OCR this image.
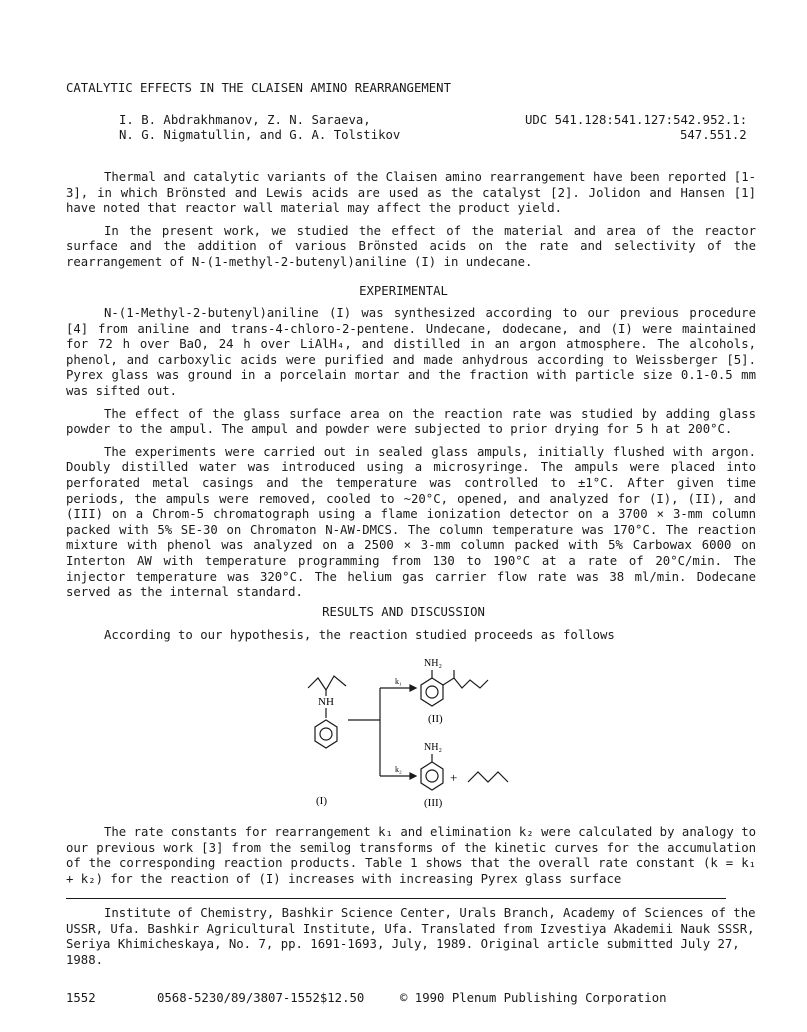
CATALYTIC EFFECTS IN THE CLAISEN AMINO REARRANGEMENT
I. B. Abdrakhmanov, Z. N. Saraeva,
N. G. Nigmatullin, and G. A. Tolstikov
UDC 541.128:541.127:542.952.1:
547.551.2

Thermal and catalytic variants of the Claisen amino rearrangement have been reported [1-3], in which Brönsted and Lewis acids are used as the catalyst [2]. Jolidon and Hansen [1] have noted that reactor wall material may affect the product yield.

In the present work, we studied the effect of the material and area of the reactor surface and the addition of various Brönsted acids on the rate and selectivity of the rearrangement of N-(1-methyl-2-butenyl)aniline (I) in undecane.

EXPERIMENTAL

N-(1-Methyl-2-butenyl)aniline (I) was synthesized according to our previous procedure [4] from aniline and trans-4-chloro-2-pentene. Undecane, dodecane, and (I) were maintained for 72 h over BaO, 24 h over LiAlH₄, and distilled in an argon atmosphere. The alcohols, phenol, and carboxylic acids were purified and made anhydrous according to Weissberger [5]. Pyrex glass was ground in a porcelain mortar and the fraction with particle size 0.1-0.5 mm was sifted out.

The effect of the glass surface area on the reaction rate was studied by adding glass powder to the ampul. The ampul and powder were subjected to prior drying for 5 h at 200°C.

The experiments were carried out in sealed glass ampuls, initially flushed with argon. Doubly distilled water was introduced using a microsyringe. The ampuls were placed into perforated metal casings and the temperature was controlled to ±1°C. After given time periods, the ampuls were removed, cooled to ~20°C, opened, and analyzed for (I), (II), and (III) on a Chrom-5 chromatograph using a flame ionization detector on a 3700 × 3-mm column packed with 5% SE-30 on Chromaton N-AW-DMCS. The column temperature was 170°C. The reaction mixture with phenol was analyzed on a 2500 × 3-mm column packed with 5% Carbowax 6000 on Interton AW with temperature programming from 130 to 190°C at a rate of 20°C/min. The injector temperature was 320°C. The helium gas carrier flow rate was 38 ml/min. Dodecane served as the internal standard.

RESULTS AND DISCUSSION
According to our hypothesis, the reaction studied proceeds as follows
NH
NH₂
k₁
(II)
NH₂
k₂
+
(I)	(III)

The rate constants for rearrangement k₁ and elimination k₂ were calculated by analogy to our previous work [3] from the semilog transforms of the kinetic curves for the accumulation of the corresponding reaction products. Table 1 shows that the overall rate constant (k = k₁ + k₂) for the reaction of (I) increases with increasing Pyrex glass surface

Institute of Chemistry, Bashkir Science Center, Urals Branch, Academy of Sciences of the USSR, Ufa. Bashkir Agricultural Institute, Ufa. Translated from Izvestiya Akademii Nauk SSSR, Seriya Khimicheskaya, No. 7, pp. 1691-1693, July, 1989. Original article submitted July 27, 1988.

1552	0568-5230/89/3807-1552$12.50	© 1990 Plenum Publishing Corporation
